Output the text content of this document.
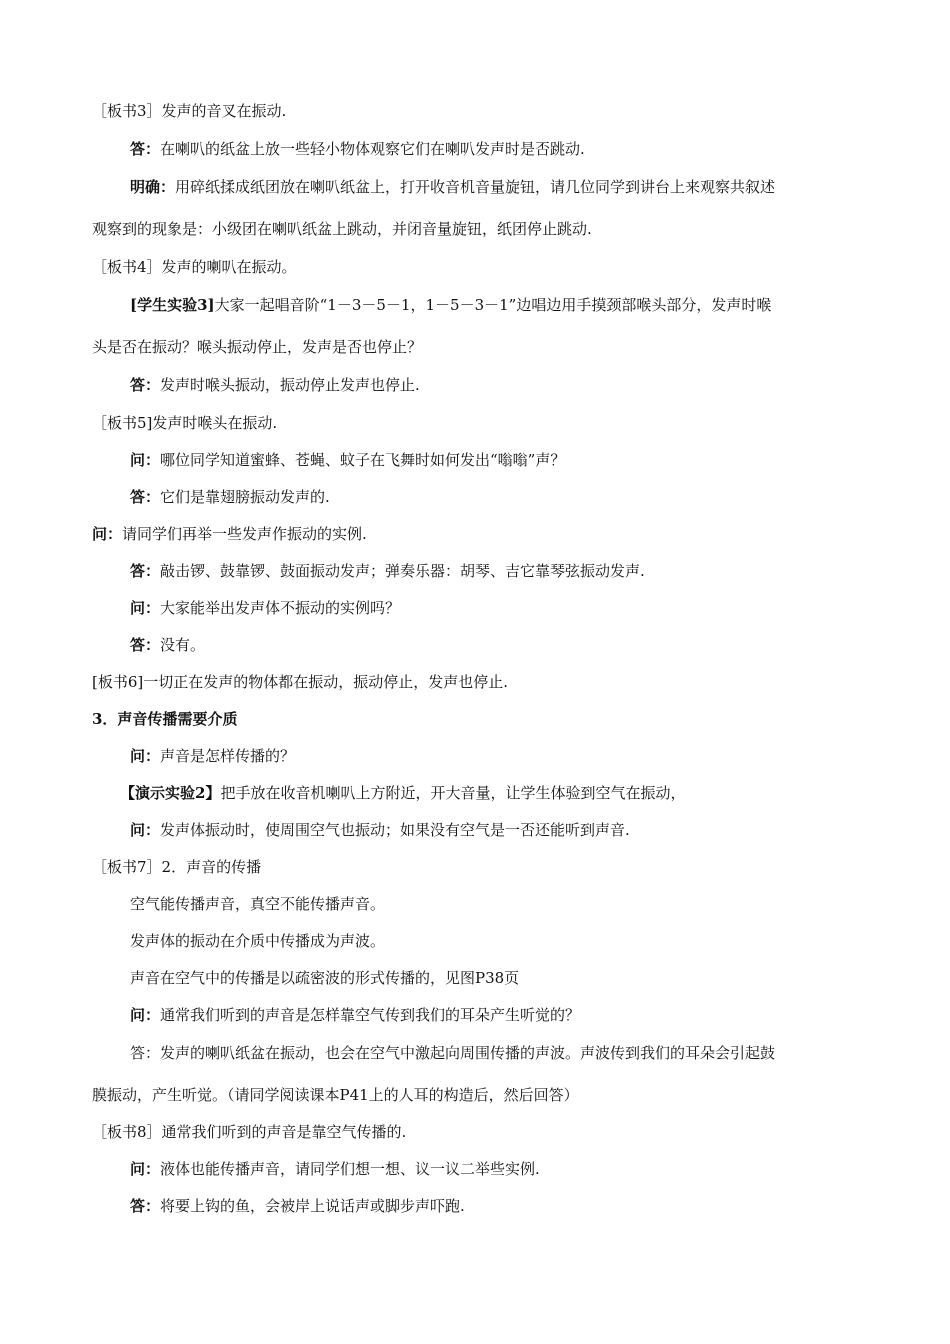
［板书3］发声的音叉在振动.
答：在喇叭的纸盆上放一些轻小物体观察它们在喇叭发声时是否跳动.
明确：用碎纸揉成纸团放在喇叭纸盆上，打开收音机音量旋钮，请几位同学到讲台上来观察共叙述
观察到的现象是：小级团在喇叭纸盆上跳动，并闭音量旋钮，纸团停止跳动.
［板书4］发声的喇叭在振动。
[学生实验3]大家一起唱音阶“1－3－5－1，1－5－3－1”边唱边用手摸颈部喉头部分，发声时喉
头是否在振动？喉头振动停止，发声是否也停止？
答：发声时喉头振动，振动停止发声也停止.
［板书5]发声时喉头在振动.
问：哪位同学知道蜜蜂、苍蝇、蚊子在飞舞时如何发出“嗡嗡”声？
答：它们是靠翅膀振动发声的.
问：请同学们再举一些发声作振动的实例.
答：敲击锣、鼓靠锣、鼓面振动发声；弹奏乐器：胡琴、吉它靠琴弦振动发声.
问：大家能举出发声体不振动的实例吗？
答：没有。
[板书6]一切正在发声的物体都在振动，振动停止，发声也停止.
3．声音传播需要介质
问：声音是怎样传播的？
【演示实验2】把手放在收音机喇叭上方附近，开大音量，让学生体验到空气在振动，
问：发声体振动时，使周围空气也振动；如果没有空气是一否还能听到声音.
［板书7］2．声音的传播
空气能传播声音，真空不能传播声音。
发声体的振动在介质中传播成为声波。
声音在空气中的传播是以疏密波的形式传播的，见图P38页
问：通常我们听到的声音是怎样靠空气传到我们的耳朵产生听觉的？
答：发声的喇叭纸盆在振动，也会在空气中激起向周围传播的声波。声波传到我们的耳朵会引起鼓
膜振动，产生听觉。（请同学阅读课本P41上的人耳的构造后，然后回答）
［板书8］通常我们听到的声音是靠空气传播的.
问：液体也能传播声音，请同学们想一想、议一议二举些实例.
答：将要上钩的鱼，会被岸上说话声或脚步声吓跑.
